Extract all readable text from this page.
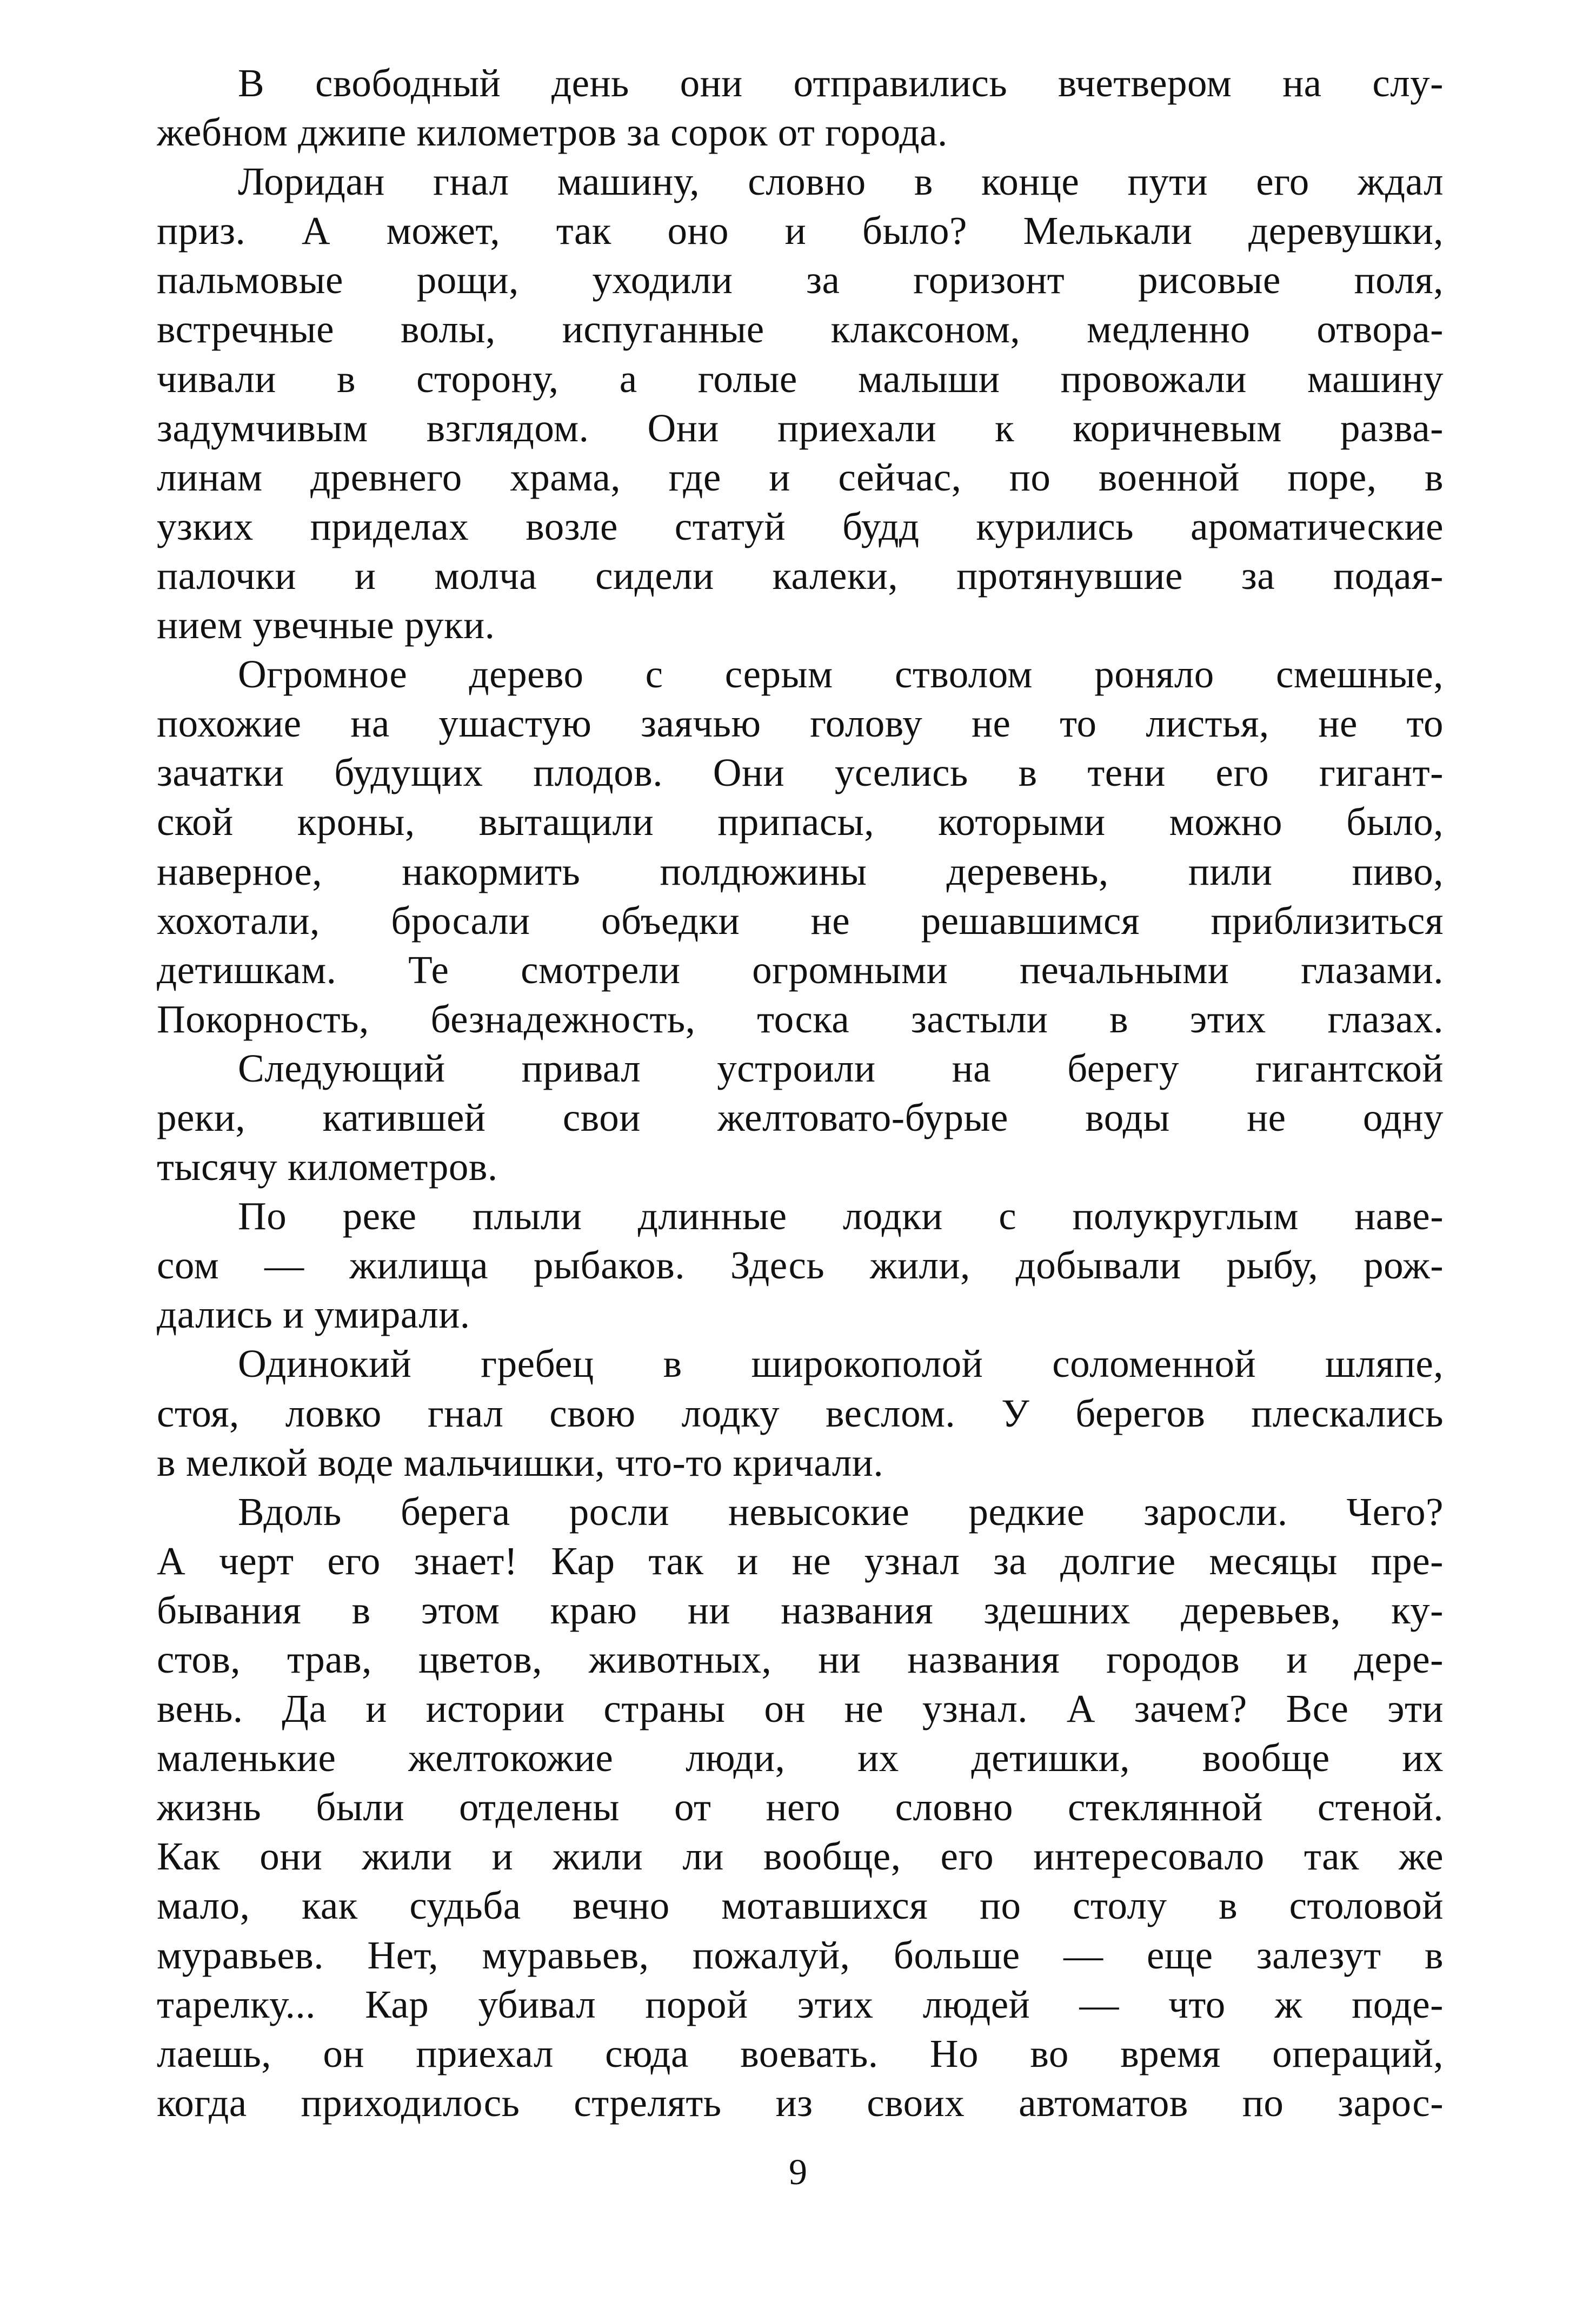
В свободный день они отправились вчетвером на слу-
жебном джипе километров за сорок от города.
Лоридан гнал машину, словно в конце пути его ждал
приз. А может, так оно и было? Мелькали деревушки,
пальмовые рощи, уходили за горизонт рисовые поля,
встречные волы, испуганные клаксоном, медленно отвора-
чивали в сторону, а голые малыши провожали машину
задумчивым взглядом. Они приехали к коричневым разва-
линам древнего храма, где и сейчас, по военной поре, в
узких приделах возле статуй будд курились ароматические
палочки и молча сидели калеки, протянувшие за подая-
нием увечные руки.
Огромное дерево с серым стволом роняло смешные,
похожие на ушастую заячью голову не то листья, не то
зачатки будущих плодов. Они уселись в тени его гигант-
ской кроны, вытащили припасы, которыми можно было,
наверное, накормить полдюжины деревень, пили пиво,
хохотали, бросали объедки не решавшимся приблизиться
детишкам. Те смотрели огромными печальными глазами.
Покорность, безнадежность, тоска застыли в этих глазах.
Следующий привал устроили на берегу гигантской
реки, катившей свои желтовато-бурые воды не одну
тысячу километров.
По реке плыли длинные лодки с полукруглым наве-
сом — жилища рыбаков. Здесь жили, добывали рыбу, рож-
дались и умирали.
Одинокий гребец в широкополой соломенной шляпе,
стоя, ловко гнал свою лодку веслом. У берегов плескались
в мелкой воде мальчишки, что-то кричали.
Вдоль берега росли невысокие редкие заросли. Чего?
А черт его знает! Кар так и не узнал за долгие месяцы пре-
бывания в этом краю ни названия здешних деревьев, ку-
стов, трав, цветов, животных, ни названия городов и дере-
вень. Да и истории страны он не узнал. А зачем? Все эти
маленькие желтокожие люди, их детишки, вообще их
жизнь были отделены от него словно стеклянной стеной.
Как они жили и жили ли вообще, его интересовало так же
мало, как судьба вечно мотавшихся по столу в столовой
муравьев. Нет, муравьев, пожалуй, больше — еще залезут в
тарелку... Кар убивал порой этих людей — что ж поде-
лаешь, он приехал сюда воевать. Но во время операций,
когда приходилось стрелять из своих автоматов по зарос-
9
